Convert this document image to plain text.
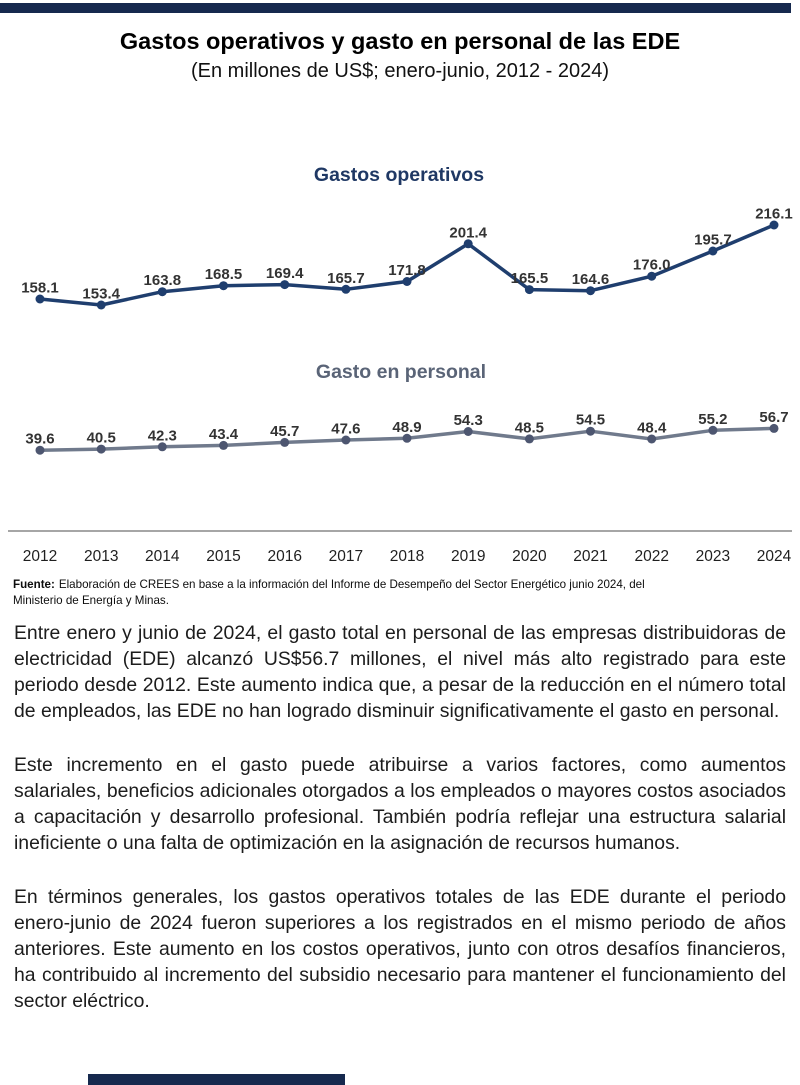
Gastos operativos y gasto en personal de las EDE
(En millones de US$; enero-junio, 2012 - 2024)
Gastos operativos
158.1 153.4
163.8 168.5 169.4 165.7 171.8
201.4
165.5 164.6
176.0
195.7
216.1
Gasto en personal
39.6 40.5 42.3 43.4 45.7 47.6 48.9 54.3 48.5 54.5 48.4
55.2 56.7
2012 2013 2014 2015 2016 2017 2018 2019 2020 2021 2022 2023 2024
Fuente: Elaboración de CREES en base a la información del Informe de Desempeño del Sector Energético junio 2024, del
Ministerio de Energía y Minas.

Entre enero y junio de 2024, el gasto total en personal de las empresas distribuidoras de electricidad (EDE) alcanzó US$56.7 millones, el nivel más alto registrado para este periodo desde 2012. Este aumento indica que, a pesar de la reducción en el número total de empleados, las EDE no han logrado disminuir significativamente el gasto en personal.

Este incremento en el gasto puede atribuirse a varios factores, como aumentos salariales, beneficios adicionales otorgados a los empleados o mayores costos asociados a capacitación y desarrollo profesional. También podría reflejar una estructura salarial ineficiente o una falta de optimización en la asignación de recursos humanos.

En términos generales, los gastos operativos totales de las EDE durante el periodo enero-junio de 2024 fueron superiores a los registrados en el mismo periodo de años anteriores. Este aumento en los costos operativos, junto con otros desafíos financieros, ha contribuido al incremento del subsidio necesario para mantener el funcionamiento del sector eléctrico.
